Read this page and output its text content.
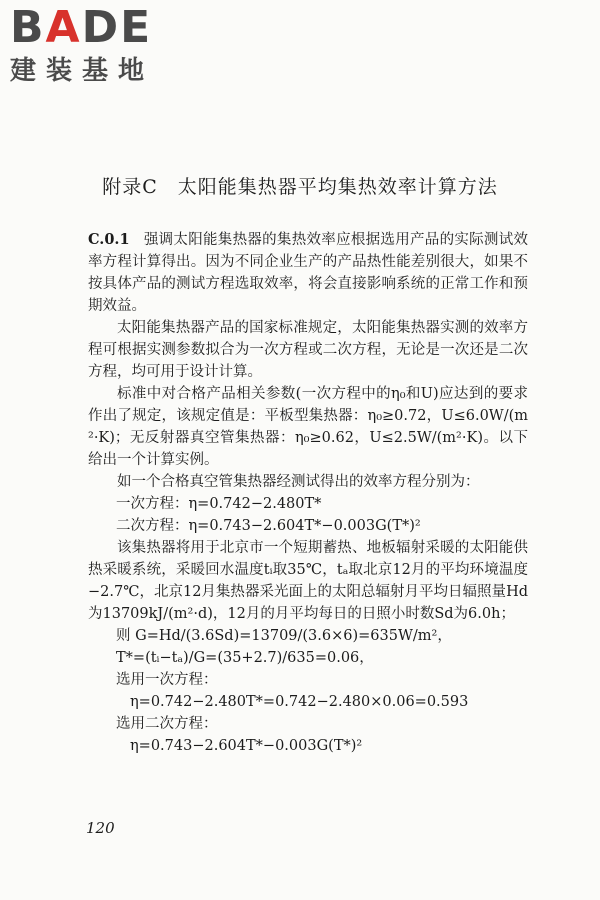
BADE
建装基地
附录C　太阳能集热器平均集热效率计算方法

C.0.1 强调太阳能集热器的集热效率应根据选用产品的实际测试效率方程计算得出。因为不同企业生产的产品热性能差别很大，如果不按具体产品的测试方程选取效率，将会直接影响系统的正常工作和预期效益。

太阳能集热器产品的国家标准规定，太阳能集热器实测的效率方程可根据实测参数拟合为一次方程或二次方程，无论是一次还是二次方程，均可用于设计计算。

标准中对合格产品相关参数(一次方程中的η₀和U)应达到的要求作出了规定，该规定值是：平板型集热器：η₀≥0.72，U≤6.0W/(m²·K)；无反射器真空管集热器：η₀≥0.62，U≤2.5W/(m²·K)。以下给出一个计算实例。

如一个合格真空管集热器经测试得出的效率方程分别为：

一次方程：η=0.742−2.480T*

二次方程：η=0.743−2.604T*−0.003G(T*)²

该集热器将用于北京市一个短期蓄热、地板辐射采暖的太阳能供热采暖系统，采暖回水温度tᵢ取35℃，tₐ取北京12月的平均环境温度−2.7℃，北京12月集热器采光面上的太阳总辐射月平均日辐照量Hd为13709kJ/(m²·d)，12月的月平均每日的日照小时数Sd为6.0h；

则 G=Hd/(3.6Sd)=13709/(3.6×6)=635W/m²，

T*=(tᵢ−tₐ)/G=(35+2.7)/635=0.06，

选用一次方程：

η=0.742−2.480T*=0.742−2.480×0.06=0.593

选用二次方程：

η=0.743−2.604T*−0.003G(T*)²

120
